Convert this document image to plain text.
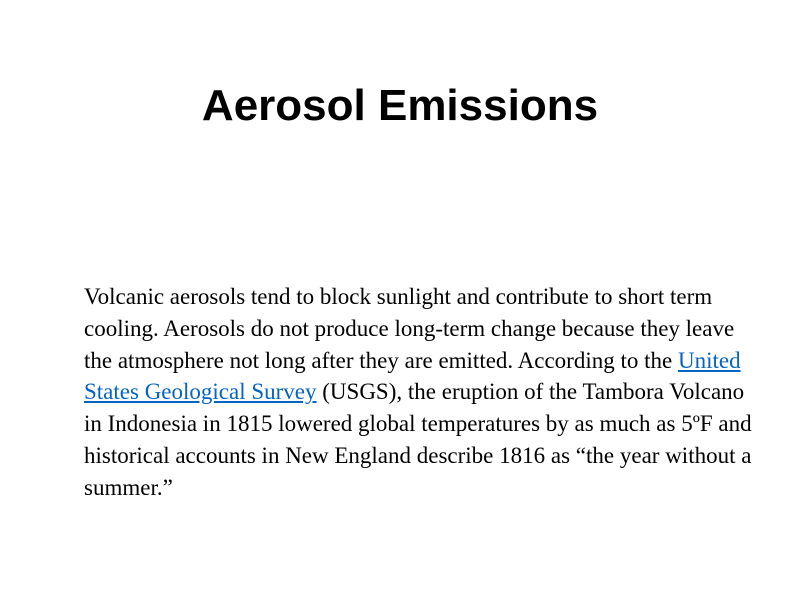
Aerosol Emissions

Volcanic aerosols tend to block sunlight and contribute to short term cooling. Aerosols do not produce long-term change because they leave the atmosphere not long after they are emitted. According to the United States Geological Survey (USGS), the eruption of the Tambora Volcano in Indonesia in 1815 lowered global temperatures by as much as 5ºF and historical accounts in New England describe 1816 as “the year without a summer.”
